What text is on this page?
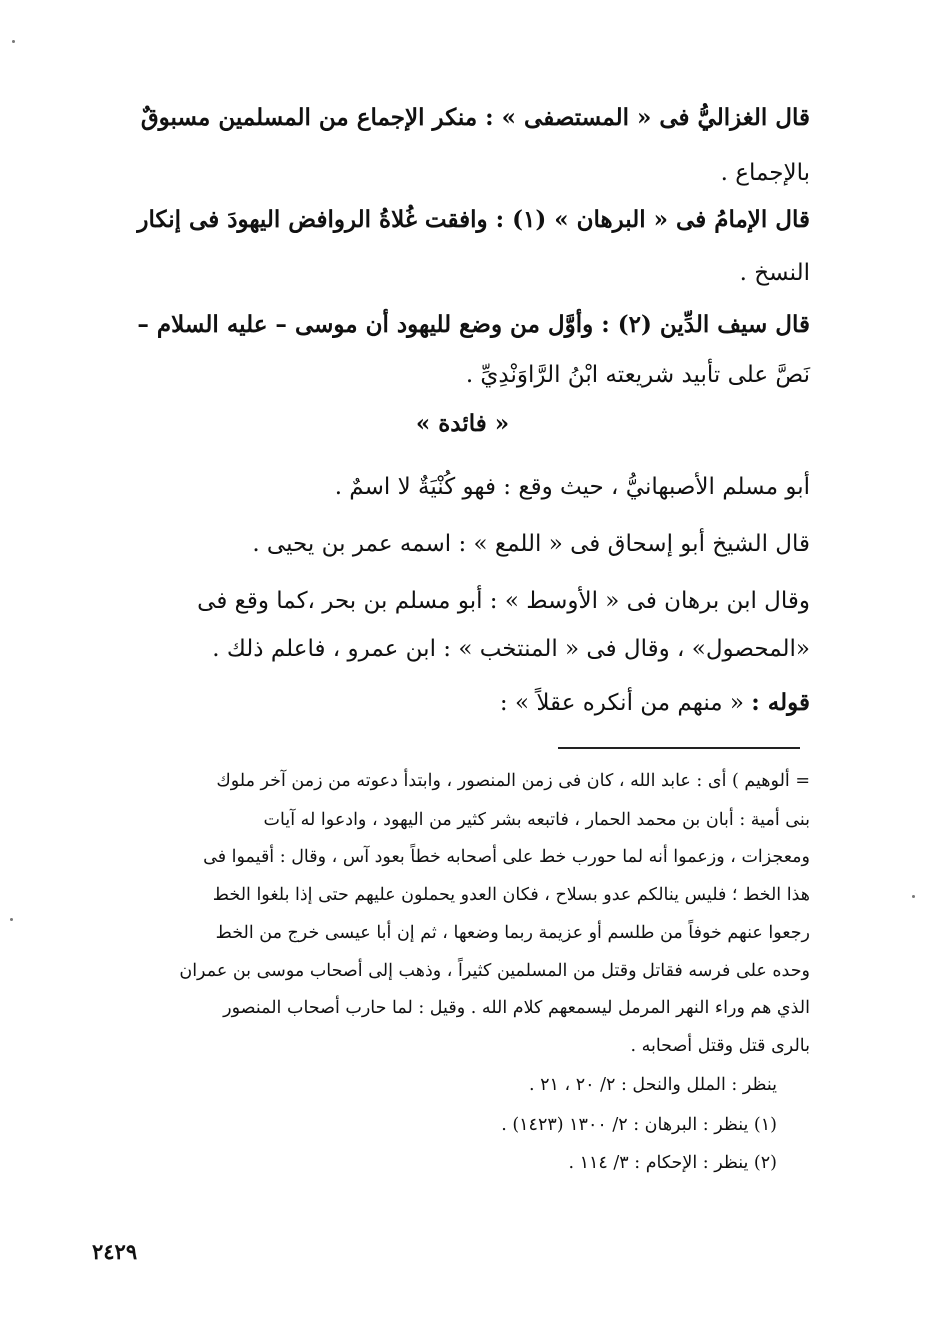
قال الغزاليُّ فى « المستصفى » : منكر الإجماع من المسلمين مسبوقٌ
بالإجماع .
قال الإمامُ فى « البرهان » (١) : وافقت غُلاةُ الروافض اليهودَ فى إنكار
النسخ .
قال سيف الدِّين (٢) : وأوَّل من وضع لليهود أن موسى – عليه السلام –
نَصَّ على تأبيد شريعته ابْنُ الرَّاوَنْدِيِّ .
« فائدة »
أبو مسلم الأصبهانيُّ ، حيث وقع : فهو كُنْيَةٌ لا اسمٌ .
قال الشيخ أبو إسحاق فى « اللمع » : اسمه عمر بن يحيى .
وقال ابن برهان فى « الأوسط » : أبو مسلم بن بحر ،كما وقع فى
«المحصول» ، وقال فى « المنتخب » : ابن عمرو ، فاعلم ذلك .
قوله : « منهم من أنكره عقلاً » :
= ألوهيم ) أى : عابد الله ، كان فى زمن المنصور ، وابتدأ دعوته من زمن آخر ملوك
بنى أمية : أبان بن محمد الحمار ، فاتبعه بشر كثير من اليهود ، وادعوا له آيات
ومعجزات ، وزعموا أنه لما حورب خط على أصحابه خطاً بعود آس ، وقال : أقيموا فى
هذا الخط ؛ فليس ينالكم عدو بسلاح ، فكان العدو يحملون عليهم حتى إذا بلغوا الخط
رجعوا عنهم خوفاً من طلسم أو عزيمة ربما وضعها ، ثم إن أبا عيسى خرج من الخط
وحده على فرسه فقاتل وقتل من المسلمين كثيراً ، وذهب إلى أصحاب موسى بن عمران
الذي هم وراء النهر المرمل ليسمعهم كلام الله . وقيل : لما حارب أصحاب المنصور
بالرى قتل وقتل أصحابه .
ينظر : الملل والنحل : ٢/ ٢٠ ، ٢١ .
(١) ينظر : البرهان : ٢/ ١٣٠٠ (١٤٢٣) .
(٢) ينظر : الإحكام : ٣/ ١١٤ .
٢٤٢٩
